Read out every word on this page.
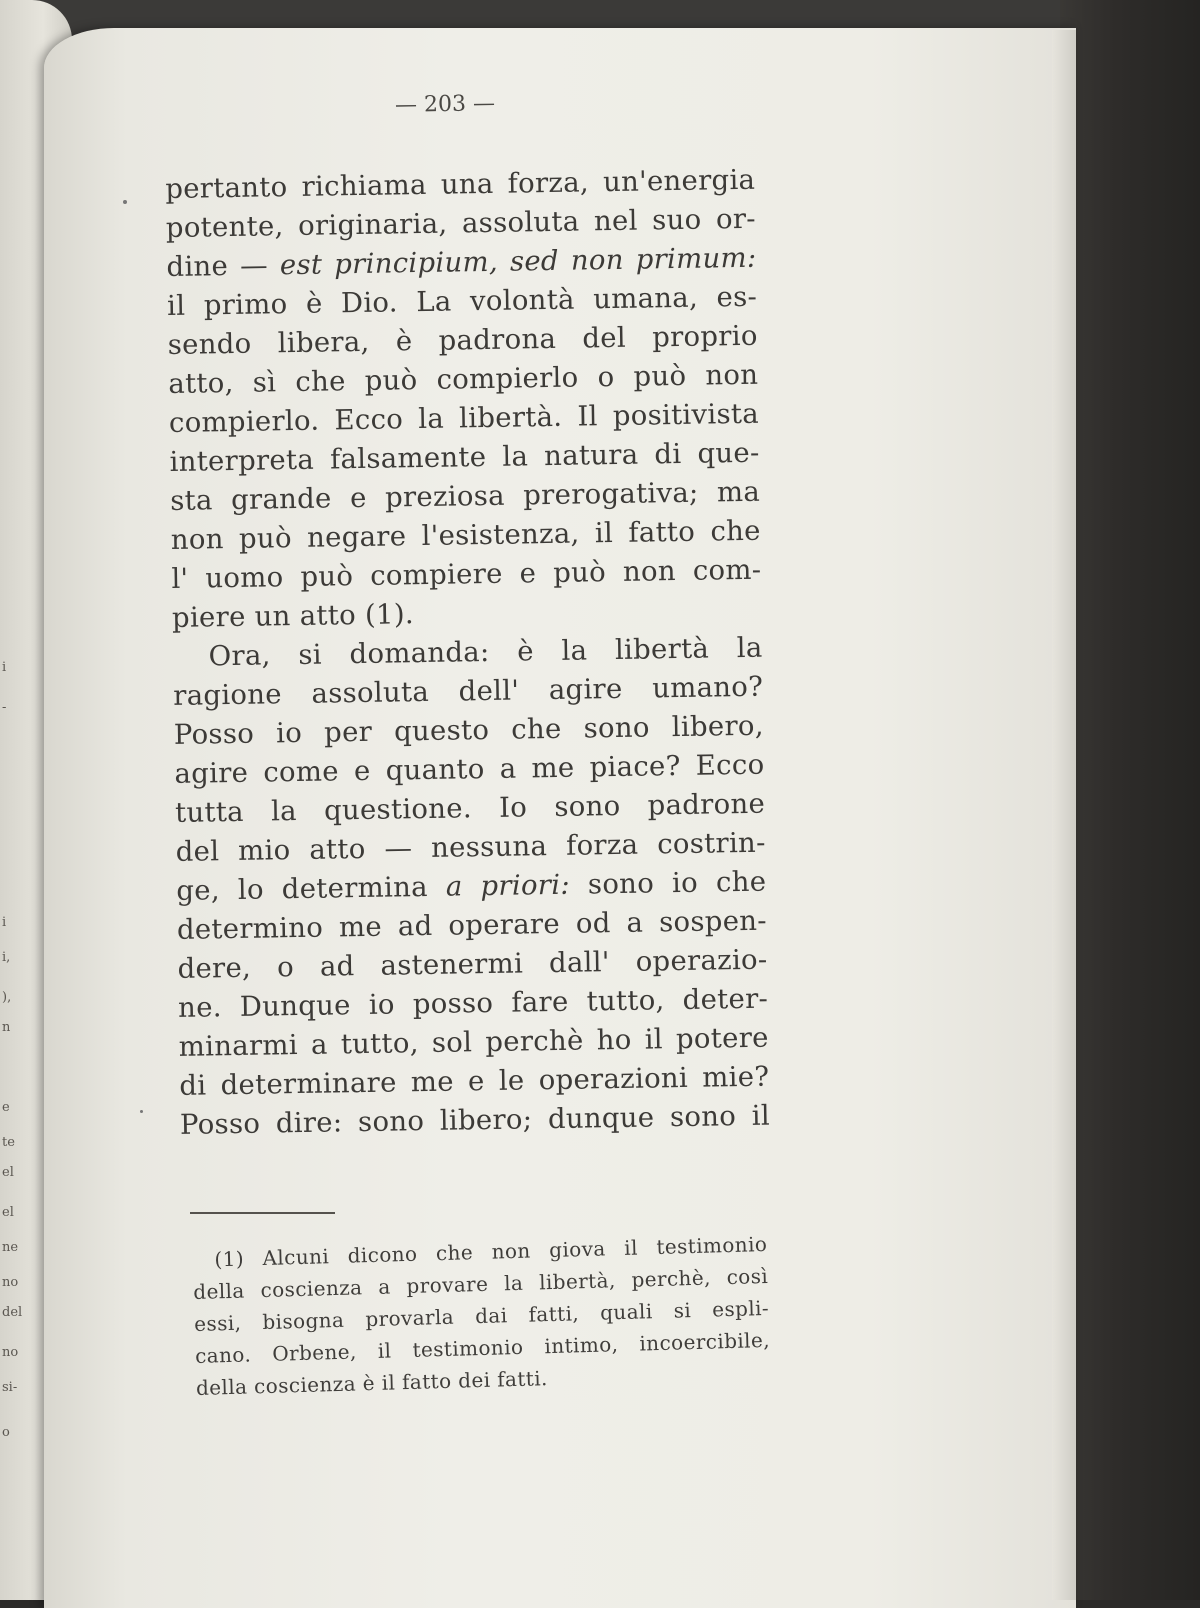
i
-
i
i,
),
n
e
te
el
el
ne
no
del
no
si-
o
— 203 —
pertanto richiama una forza, un'energia
potente, originaria, assoluta nel suo or-
dine — est principium, sed non primum:
il primo è Dio. La volontà umana, es-
sendo libera, è padrona del proprio
atto, sì che può compierlo o può non
compierlo. Ecco la libertà. Il positivista
interpreta falsamente la natura di que-
sta grande e preziosa prerogativa; ma
non può negare l'esistenza, il fatto che
l' uomo può compiere e può non com-
piere un atto (1).
Ora, si domanda: è la libertà la
ragione assoluta dell' agire umano?
Posso io per questo che sono libero,
agire come e quanto a me piace? Ecco
tutta la questione. Io sono padrone
del mio atto — nessuna forza costrin-
ge, lo determina a priori: sono io che
determino me ad operare od a sospen-
dere, o ad astenermi dall' operazio-
ne. Dunque io posso fare tutto, deter-
minarmi a tutto, sol perchè ho il potere
di determinare me e le operazioni mie?
Posso dire: sono libero; dunque sono il
(1) Alcuni dicono che non giova il testimonio
della coscienza a provare la libertà, perchè, così
essi, bisogna provarla dai fatti, quali si espli-
cano. Orbene, il testimonio intimo, incoercibile,
della coscienza è il fatto dei fatti.
